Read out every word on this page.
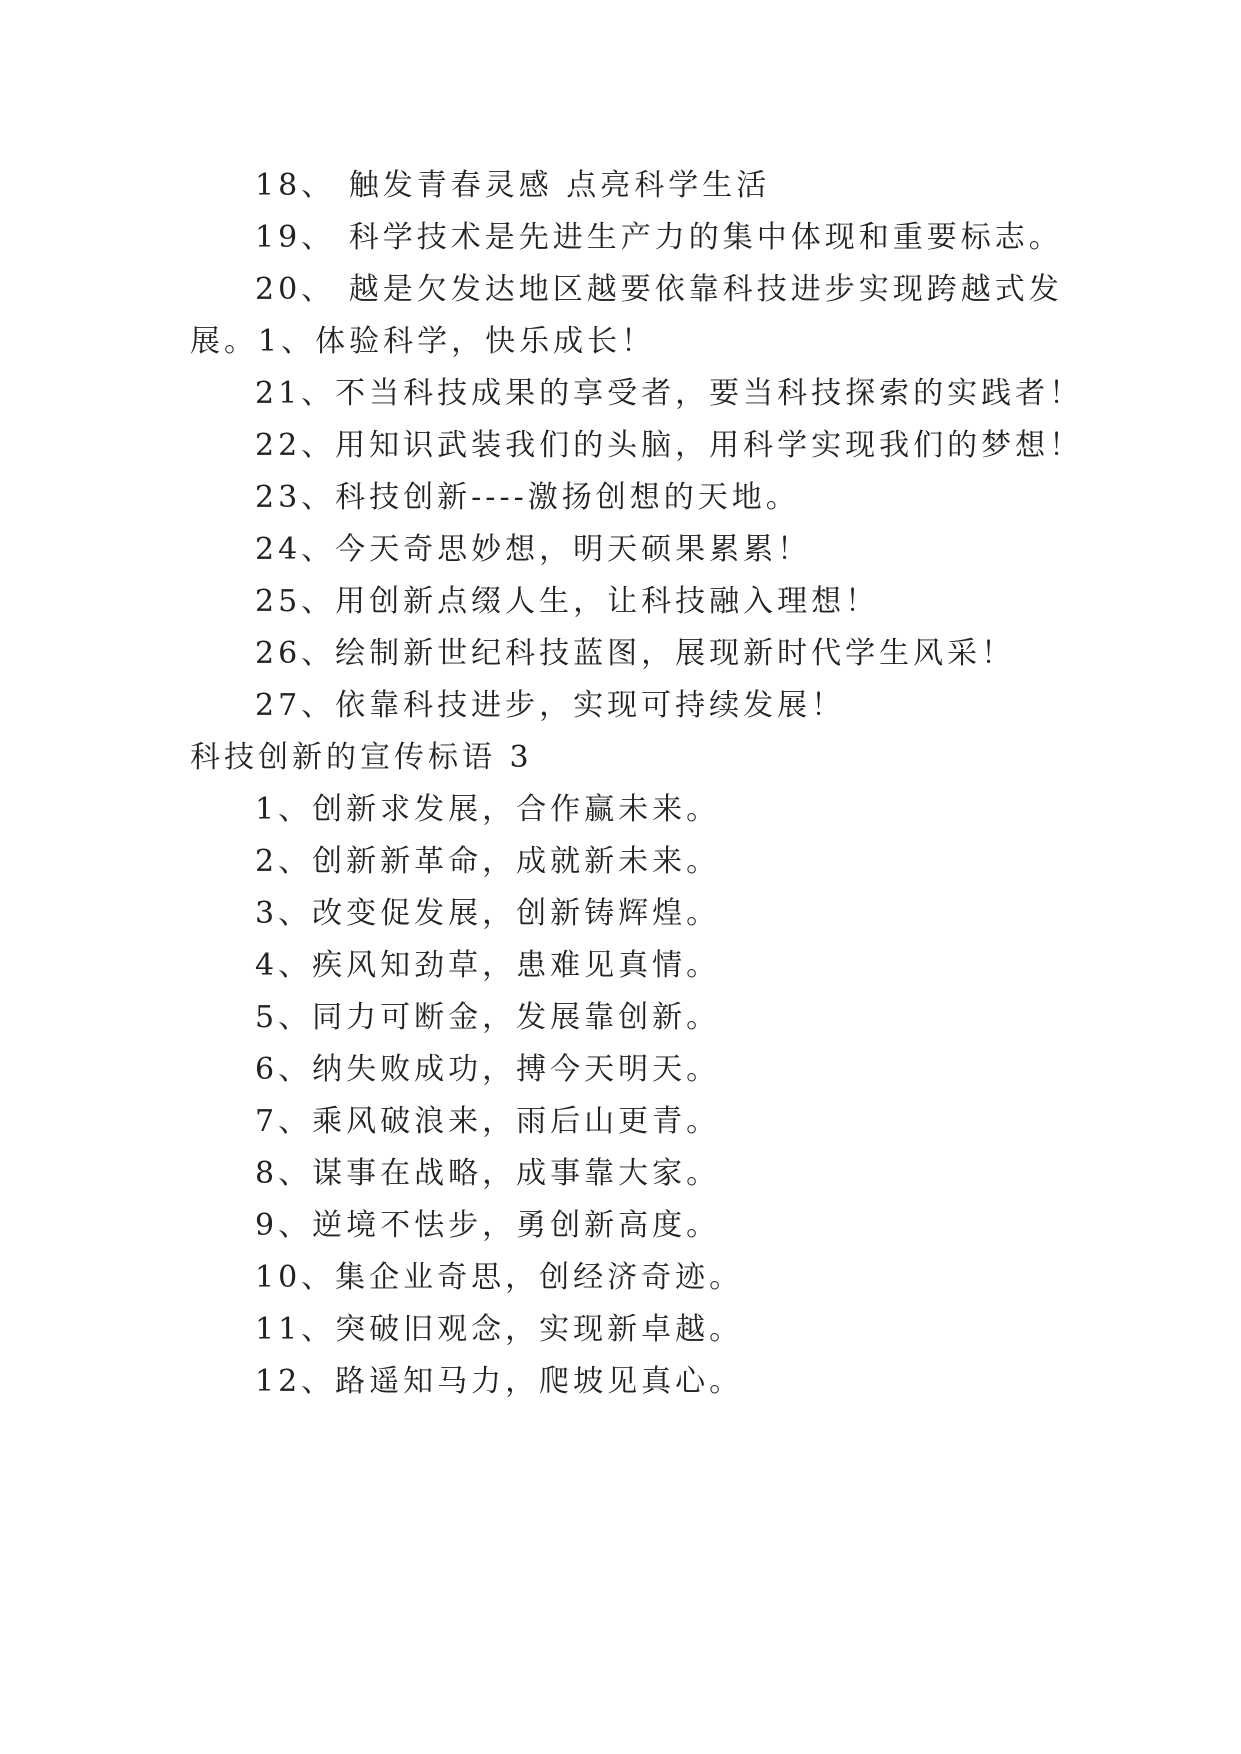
18、 触发青春灵感 点亮科学生活
19、 科学技术是先进生产力的集中体现和重要标志。
20、 越是欠发达地区越要依靠科技进步实现跨越式发
展。1、体验科学，快乐成长！
21、不当科技成果的享受者，要当科技探索的实践者！
22、用知识武装我们的头脑，用科学实现我们的梦想！
23、科技创新----激扬创想的天地。
24、今天奇思妙想，明天硕果累累！
25、用创新点缀人生，让科技融入理想！
26、绘制新世纪科技蓝图，展现新时代学生风采！
27、依靠科技进步，实现可持续发展！
科技创新的宣传标语 3
1、创新求发展，合作赢未来。
2、创新新革命，成就新未来。
3、改变促发展，创新铸辉煌。
4、疾风知劲草，患难见真情。
5、同力可断金，发展靠创新。
6、纳失败成功，搏今天明天。
7、乘风破浪来，雨后山更青。
8、谋事在战略，成事靠大家。
9、逆境不怯步，勇创新高度。
10、集企业奇思，创经济奇迹。
11、突破旧观念，实现新卓越。
12、路遥知马力，爬坡见真心。
